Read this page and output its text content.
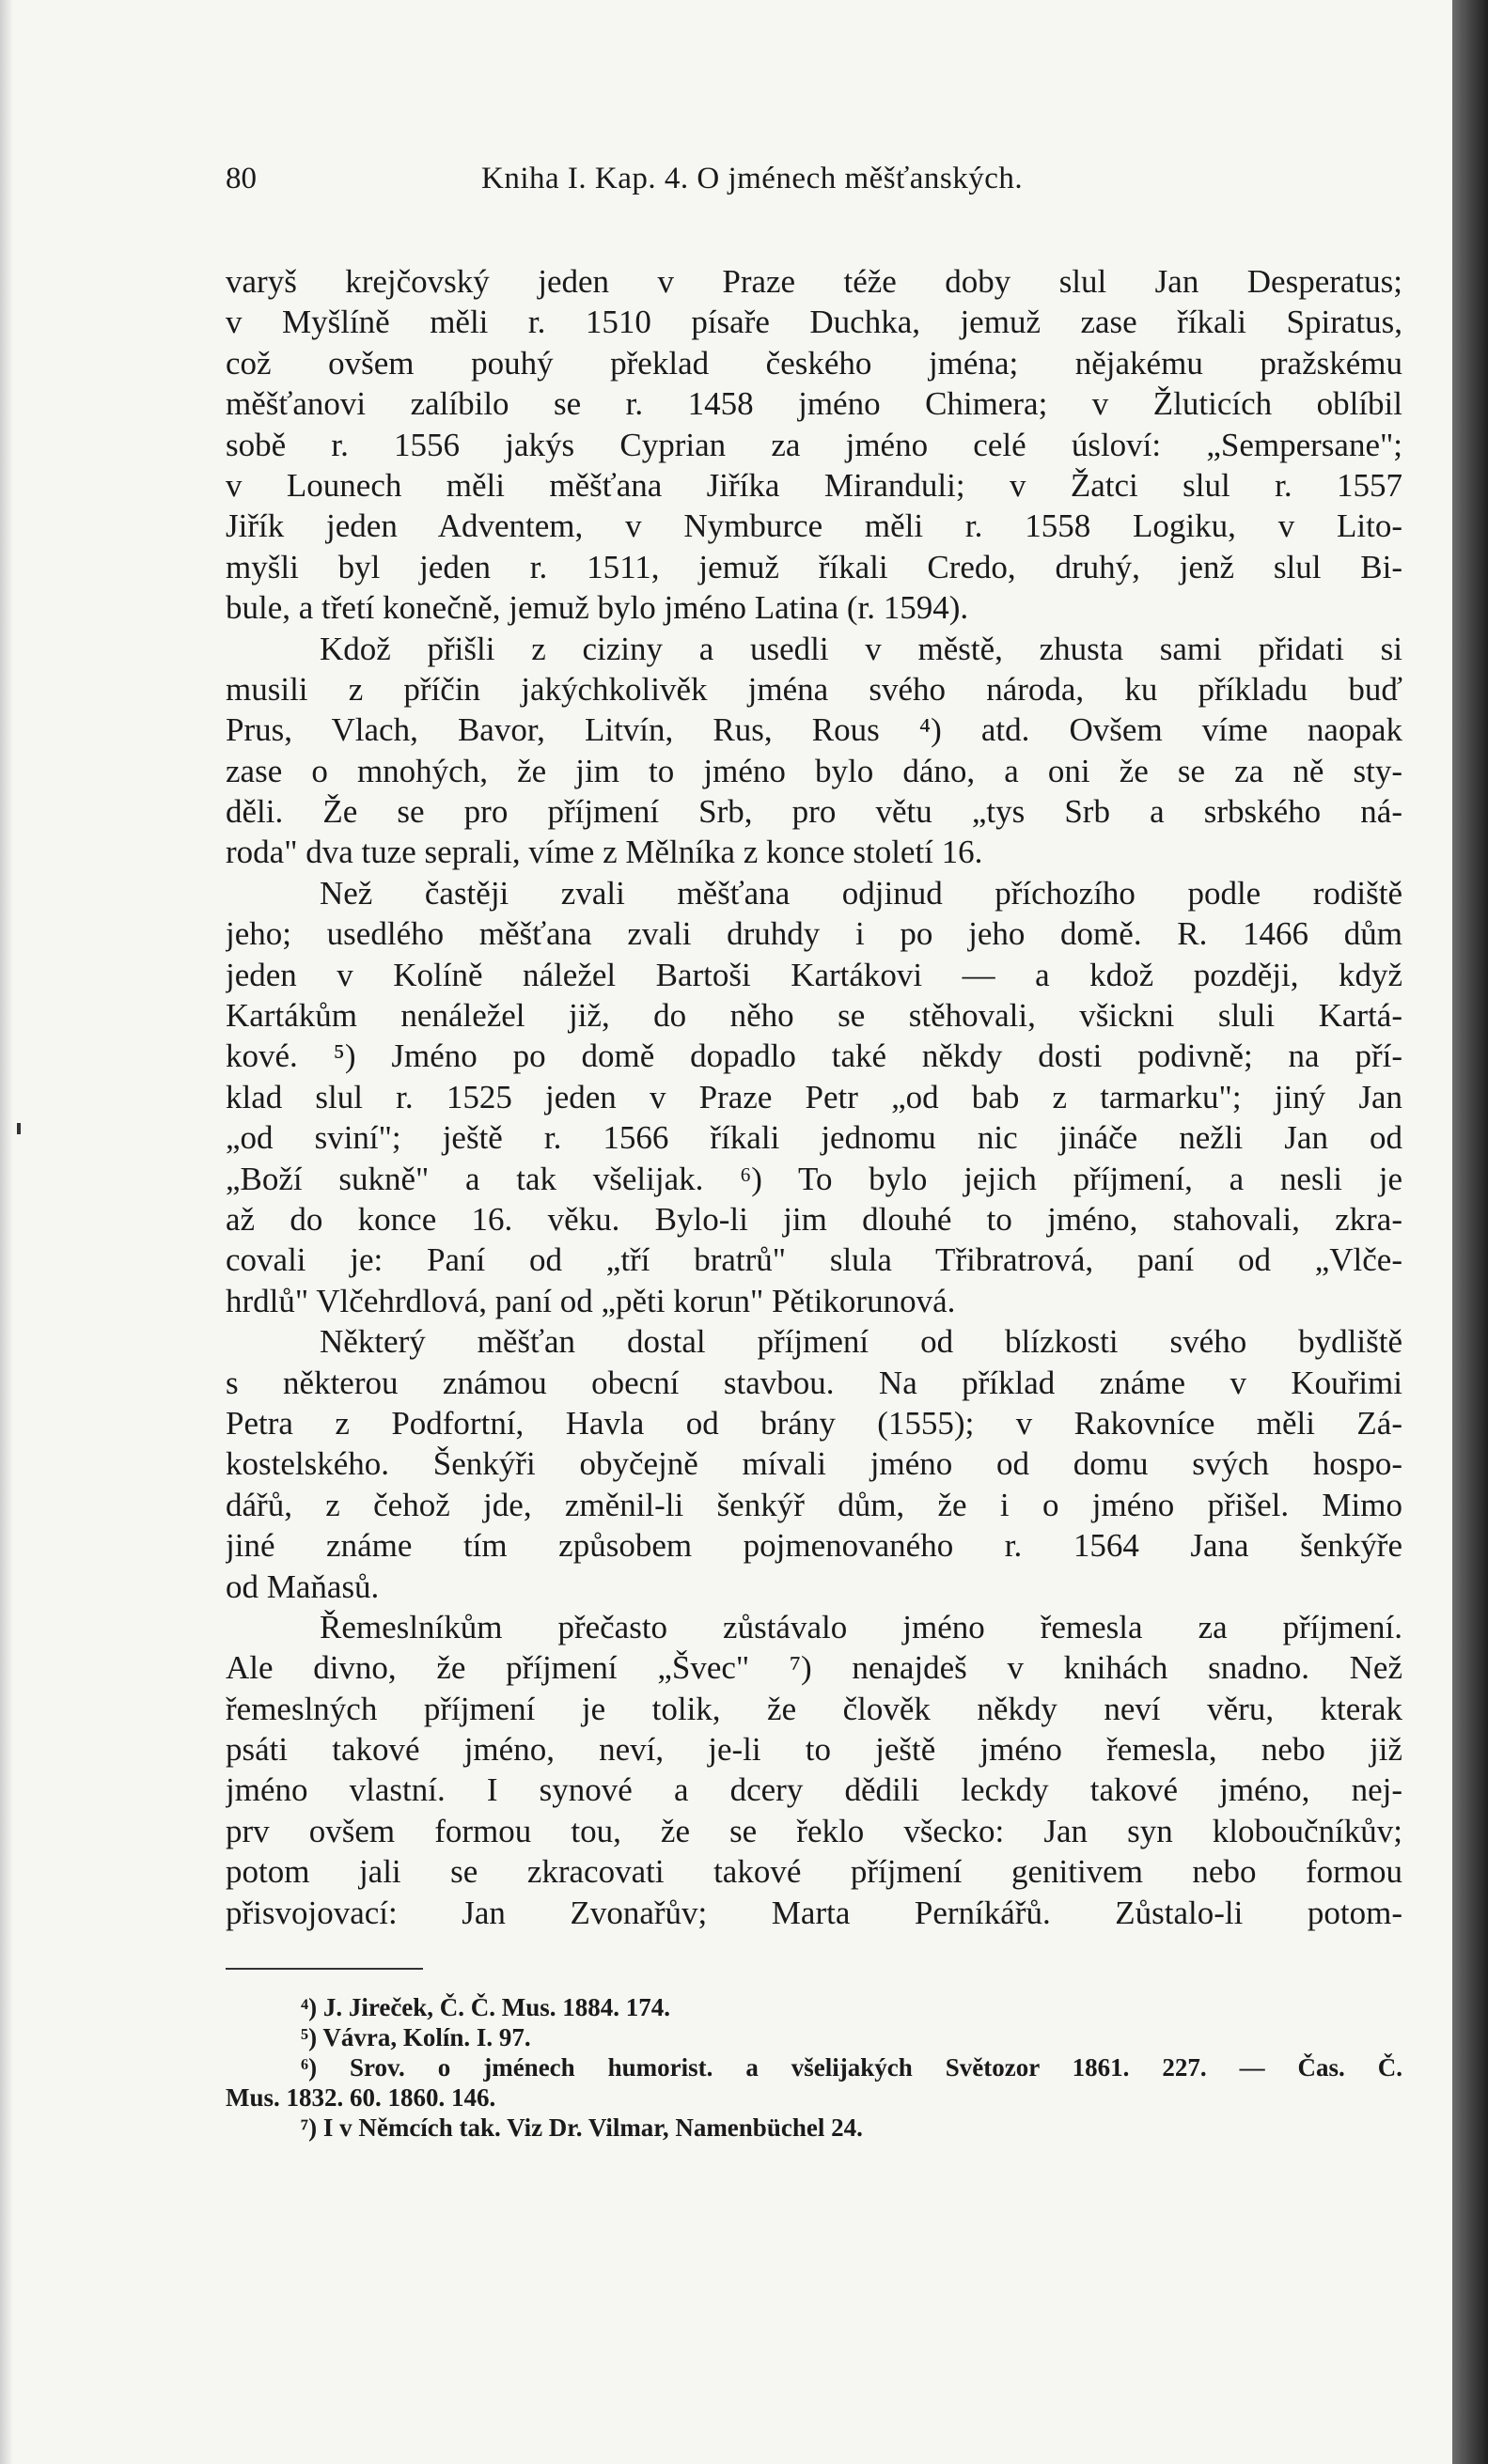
80	Kniha I. Kap. 4. O jménech měšťanských.
varyš krejčovský jeden v Praze téže doby slul Jan Desperatus;
v Myšlíně měli r. 1510 písaře Duchka, jemuž zase říkali Spiratus,
což ovšem pouhý překlad českého jména; nějakému pražskému
měšťanovi zalíbilo se r. 1458 jméno Chimera; v Žluticích oblíbil
sobě r. 1556 jakýs Cyprian za jméno celé úsloví: „Sempersane";
v Lounech měli měšťana Jiříka Miranduli; v Žatci slul r. 1557
Jiřík jeden Adventem, v Nymburce měli r. 1558 Logiku, v Lito-
myšli byl jeden r. 1511, jemuž říkali Credo, druhý, jenž slul Bi-
bule, a třetí konečně, jemuž bylo jméno Latina (r. 1594).
Kdož přišli z ciziny a usedli v městě, zhusta sami přidati si
musili z příčin jakýchkolivěk jména svého národa, ku příkladu buď
Prus, Vlach, Bavor, Litvín, Rus, Rous ⁴) atd. Ovšem víme naopak
zase o mnohých, že jim to jméno bylo dáno, a oni že se za ně sty-
děli. Že se pro příjmení Srb, pro větu „tys Srb a srbského ná-
roda" dva tuze seprali, víme z Mělníka z konce století 16.
Než častěji zvali měšťana odjinud příchozího podle rodiště
jeho; usedlého měšťana zvali druhdy i po jeho domě. R. 1466 dům
jeden v Kolíně náležel Bartoši Kartákovi — a kdož později, když
Kartákům nenáležel již, do něho se stěhovali, všickni sluli Kartá-
kové. ⁵) Jméno po domě dopadlo také někdy dosti podivně; na pří-
klad slul r. 1525 jeden v Praze Petr „od bab z tarmarku"; jiný Jan
„od sviní"; ještě r. 1566 říkali jednomu nic jináče nežli Jan od
„Boží sukně" a tak všelijak. ⁶) To bylo jejich příjmení, a nesli je
až do konce 16. věku. Bylo-li jim dlouhé to jméno, stahovali, zkra-
covali je: Paní od „tří bratrů" slula Třibratrová, paní od „Vlče-
hrdlů" Vlčehrdlová, paní od „pěti korun" Pětikorunová.
Některý měšťan dostal příjmení od blízkosti svého bydliště
s některou známou obecní stavbou. Na příklad známe v Kouřimi
Petra z Podfortní, Havla od brány (1555); v Rakovníce měli Zá-
kostelského. Šenkýři obyčejně mívali jméno od domu svých hospo-
dářů, z čehož jde, změnil-li šenkýř dům, že i o jméno přišel. Mimo
jiné známe tím způsobem pojmenovaného r. 1564 Jana šenkýře
od Maňasů.
Řemeslníkům přečasto zůstávalo jméno řemesla za příjmení.
Ale divno, že příjmení „Švec" ⁷) nenajdeš v knihách snadno. Než
řemeslných příjmení je tolik, že člověk někdy neví věru, kterak
psáti takové jméno, neví, je-li to ještě jméno řemesla, nebo již
jméno vlastní. I synové a dcery dědili leckdy takové jméno, nej-
prv ovšem formou tou, že se řeklo všecko: Jan syn kloboučníkův;
potom jali se zkracovati takové příjmení genitivem nebo formou
přisvojovací: Jan Zvonařův; Marta Perníkářů. Zůstalo-li potom-
⁴) J. Jireček, Č. Č. Mus. 1884. 174.
⁵) Vávra, Kolín. I. 97.
⁶) Srov. o jménech humorist. a všelijakých Světozor 1861. 227. — Čas. Č.
Mus. 1832. 60. 1860. 146.
⁷) I v Němcích tak. Viz Dr. Vilmar, Namenbüchel 24.
